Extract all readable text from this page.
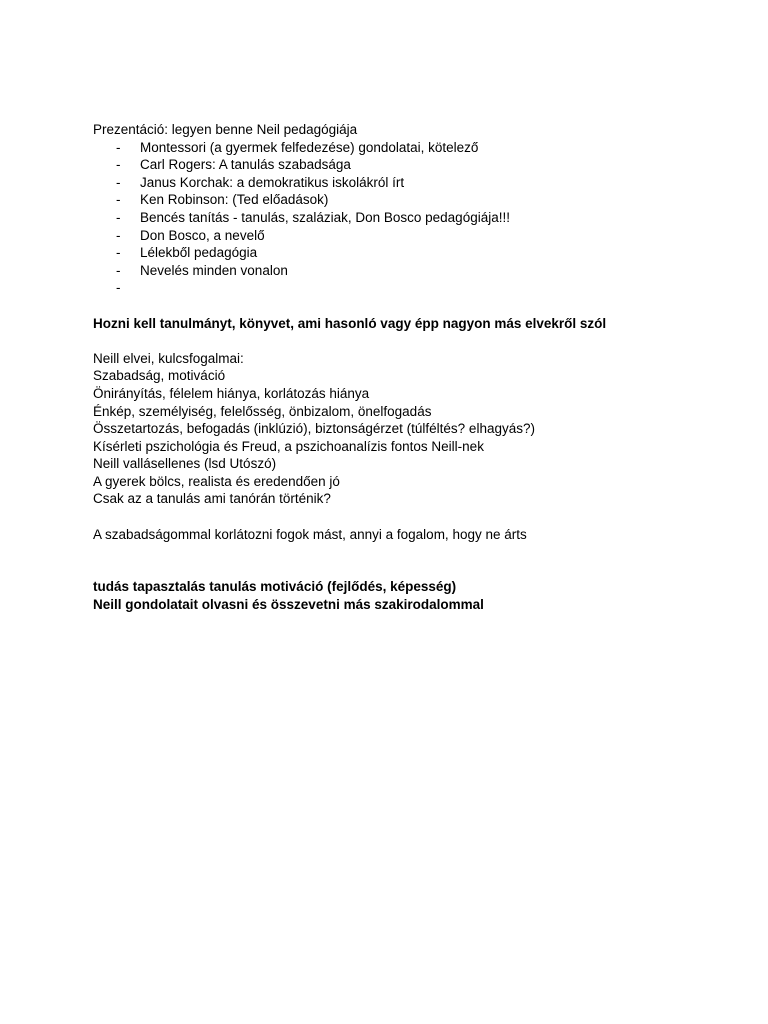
Prezentáció: legyen benne Neil pedagógiája

- Montessori (a gyermek felfedezése) gondolatai, kötelező
- Carl Rogers: A tanulás szabadsága
- Janus Korchak: a demokratikus iskolákról írt
- Ken Robinson: (Ted előadások)
- Bencés tanítás - tanulás, szaláziak, Don Bosco pedagógiája!!!
- Don Bosco, a nevelő
- Lélekből pedagógia
- Nevelés minden vonalon
-

Hozni kell tanulmányt, könyvet, ami hasonló vagy épp nagyon más elvekről szól

Neill elvei, kulcsfogalmai:

Szabadság, motiváció

Önirányítás, félelem hiánya, korlátozás hiánya

Énkép, személyiség, felelősség, önbizalom, önelfogadás

Összetartozás, befogadás (inklúzió), biztonságérzet (túlféltés? elhagyás?)

Kísérleti pszichológia és Freud, a pszichoanalízis fontos Neill-nek

Neill vallásellenes (lsd Utószó)

A gyerek bölcs, realista és eredendően jó

Csak az a tanulás ami tanórán történik?

A szabadságommal korlátozni fogok mást, annyi a fogalom, hogy ne árts

tudás tapasztalás tanulás motiváció (fejlődés, képesség)

Neill gondolatait olvasni és összevetni más szakirodalommal
